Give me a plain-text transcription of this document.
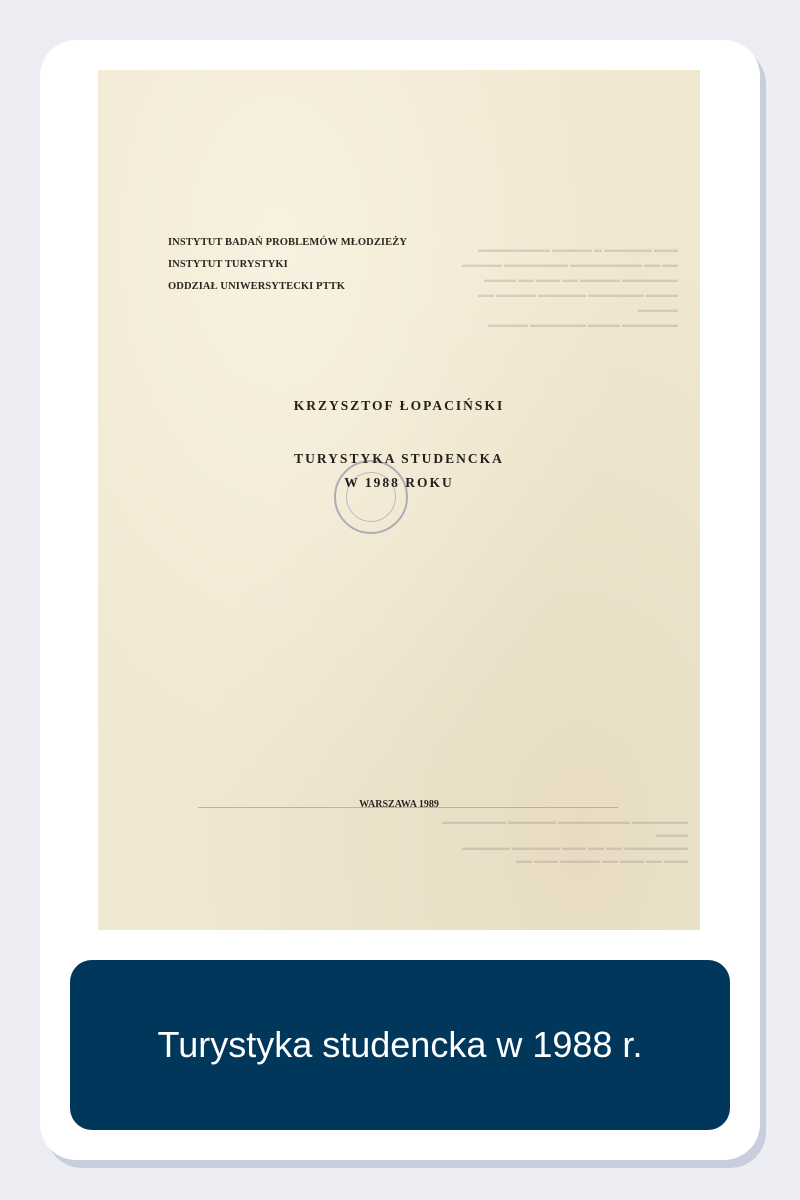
▬▬▬ ▬▬▬▬▬▬ ▬ ▬▬▬▬▬ ▬▬▬▬▬▬▬▬▬
▬▬ ▬▬ ▬▬▬▬▬▬▬▬▬ ▬▬▬▬▬▬▬▬ ▬▬▬▬▬
▬▬▬▬▬▬▬ ▬▬▬▬▬ ▬▬ ▬▬▬ ▬▬ ▬▬▬▬
▬▬▬▬ ▬▬▬▬▬▬▬ ▬▬▬▬▬▬ ▬▬▬▬▬ ▬▬
▬▬▬▬▬
▬▬▬▬▬▬▬ ▬▬▬▬ ▬▬▬▬▬▬▬ ▬▬▬▬▬
INSTYTUT BADAŃ PROBLEMÓW MŁODZIEŻY
INSTYTUT TURYSTYKI
ODDZIAŁ UNIWERSYTECKI PTTK
KRZYSZTOF ŁOPACIŃSKI
TURYSTYKA STUDENCKA
W 1988 ROKU
WARSZAWA 1989
▬▬▬▬▬▬▬ ▬▬▬▬▬▬▬▬▬ ▬▬▬▬▬▬ ▬▬▬▬▬▬▬▬ ▬▬▬▬
▬▬▬▬▬▬▬▬ ▬▬ ▬▬ ▬▬▬ ▬▬▬▬▬▬ ▬▬▬▬▬▬
▬▬▬ ▬▬ ▬▬▬ ▬▬ ▬▬▬▬▬ ▬▬▬ ▬▬
Turystyka studencka w 1988 r.
